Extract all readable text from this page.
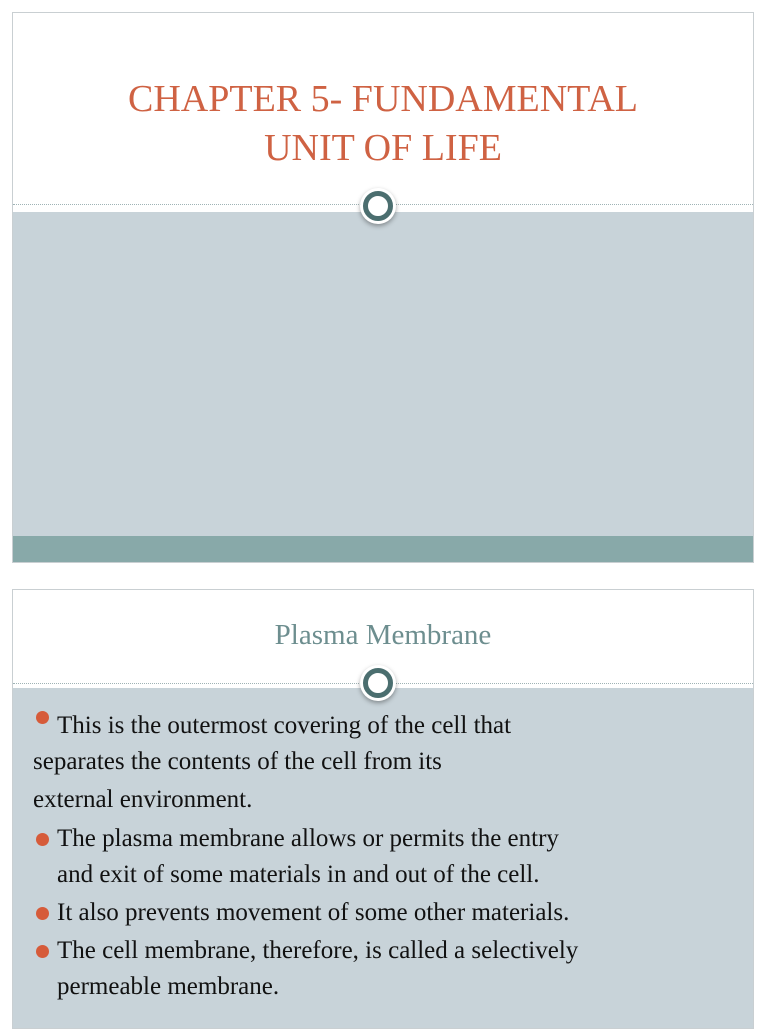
CHAPTER 5- FUNDAMENTAL
UNIT OF LIFE
Plasma Membrane
This is the outermost covering of the cell that
separates the contents of the cell from its
external environment.
The plasma membrane allows or permits the entry
and exit of some materials in and out of the cell.
It also prevents movement of some other materials.
The cell membrane, therefore, is called a selectively
permeable membrane.
